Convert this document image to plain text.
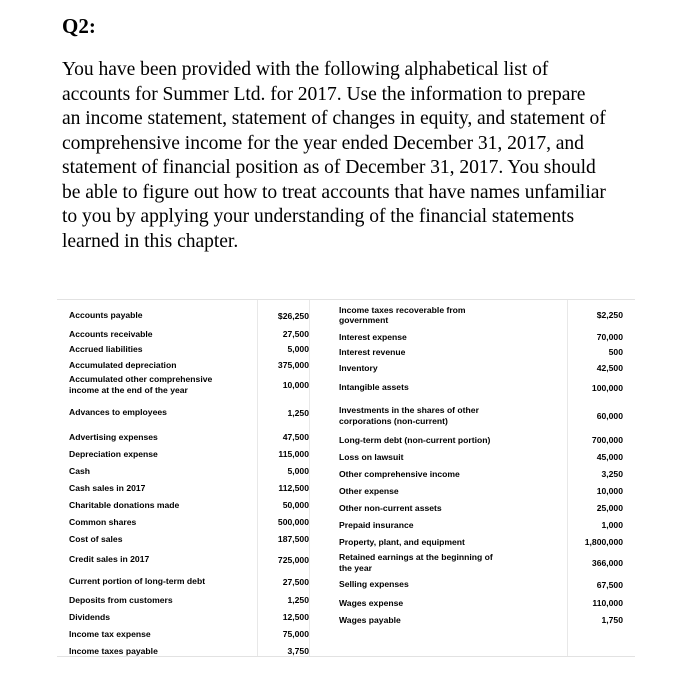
Q2:
You have been provided with the following alphabetical list of
accounts for Summer Ltd. for 2017. Use the information to prepare
an income statement, statement of changes in equity, and statement of
comprehensive income for the year ended December 31, 2017, and
statement of financial position as of December 31, 2017. You should
be able to figure out how to treat accounts that have names unfamiliar
to you by applying your understanding of the financial statements
learned in this chapter.
Accounts payable	$26,250
Accounts receivable	27,500
Accrued liabilities	5,000
Accumulated depreciation	375,000
Accumulated other comprehensive
income at the end of the year	10,000
Advances to employees	1,250
Advertising expenses	47,500
Depreciation expense	115,000
Cash	5,000
Cash sales in 2017	112,500
Charitable donations made	50,000
Common shares	500,000
Cost of sales	187,500
Credit sales in 2017	725,000
Current portion of long-term debt	27,500
Deposits from customers	1,250
Dividends	12,500
Income tax expense	75,000
Income taxes payable	3,750
Income taxes recoverable from
government	$2,250
Interest expense	70,000
Interest revenue	500
Inventory	42,500
Intangible assets	100,000
Investments in the shares of other
corporations (non-current)	60,000
Long-term debt (non-current portion)	700,000
Loss on lawsuit	45,000
Other comprehensive income	3,250
Other expense	10,000
Other non-current assets	25,000
Prepaid insurance	1,000
Property, plant, and equipment	1,800,000
Retained earnings at the beginning of
the year	366,000
Selling expenses	67,500
Wages expense	110,000
Wages payable	1,750
